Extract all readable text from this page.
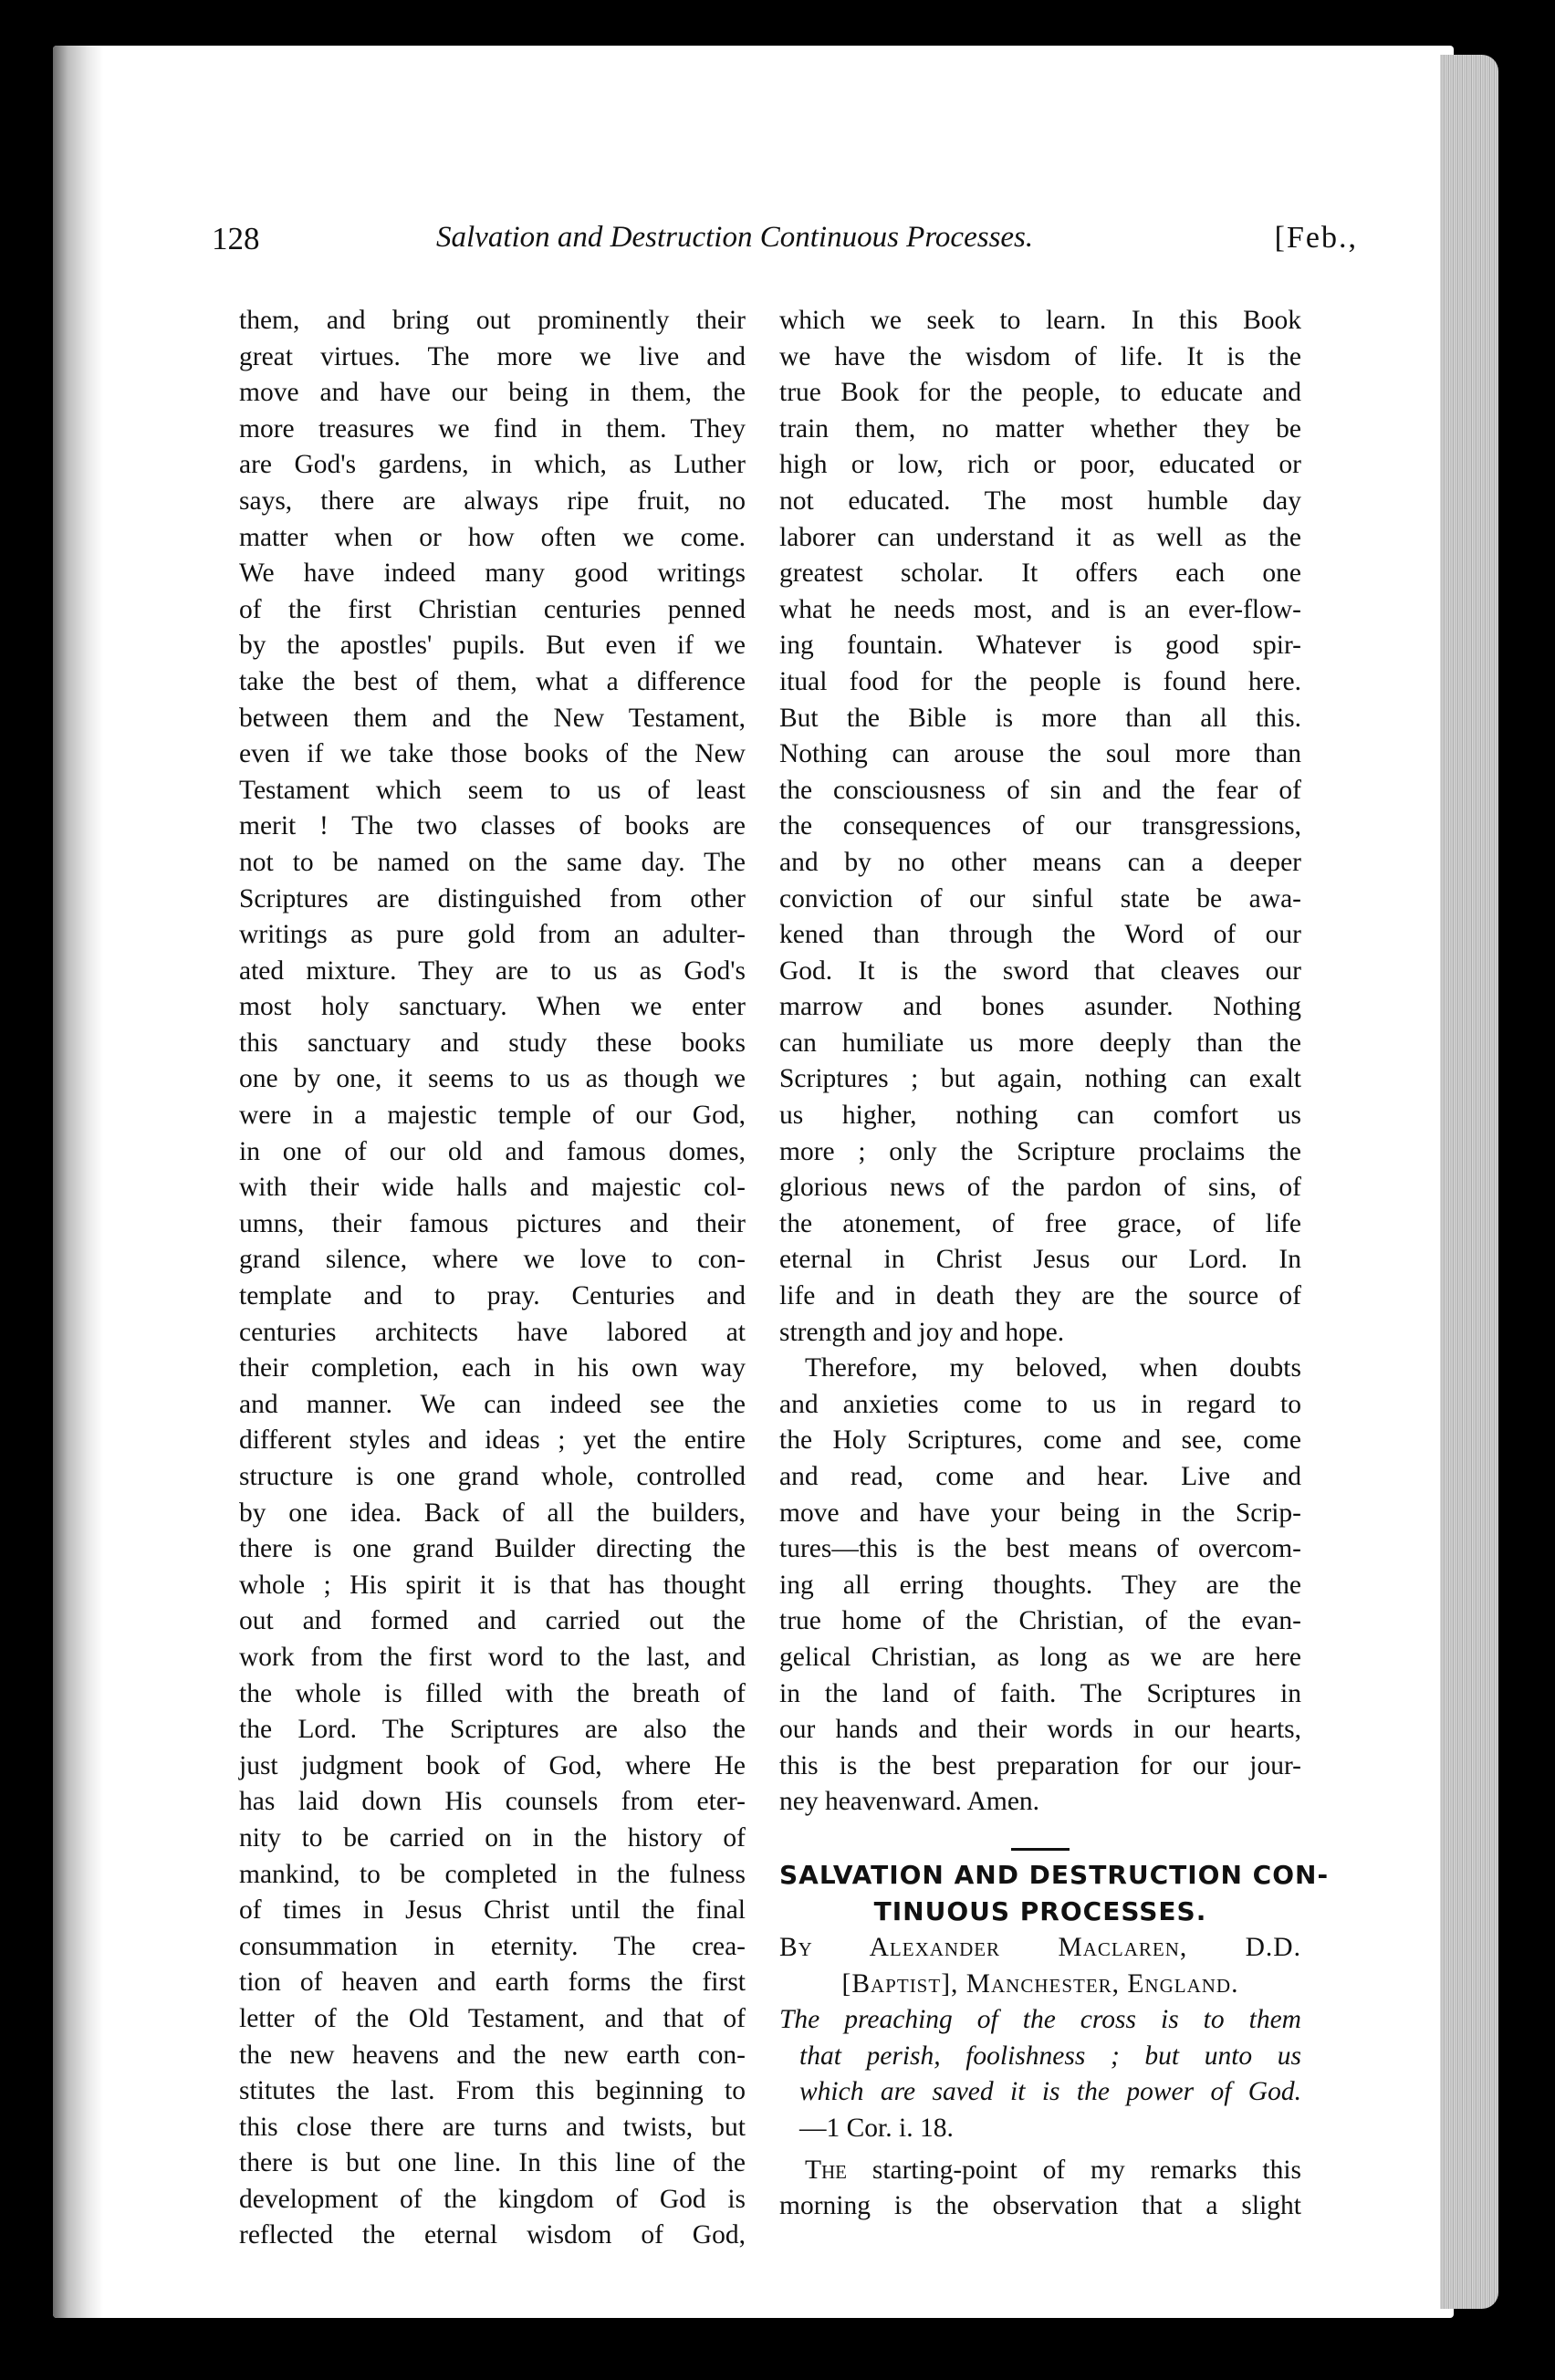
128	Salvation and Destruction Continuous Processes.	[Feb.,
them, and bring out prominently their
great virtues. The more we live and
move and have our being in them, the
more treasures we find in them. They
are God's gardens, in which, as Luther
says, there are always ripe fruit, no
matter when or how often we come.
We have indeed many good writings
of the first Christian centuries penned
by the apostles' pupils. But even if we
take the best of them, what a difference
between them and the New Testament,
even if we take those books of the New
Testament which seem to us of least
merit ! The two classes of books are
not to be named on the same day. The
Scriptures are distinguished from other
writings as pure gold from an adulter-
ated mixture. They are to us as God's
most holy sanctuary. When we enter
this sanctuary and study these books
one by one, it seems to us as though we
were in a majestic temple of our God,
in one of our old and famous domes,
with their wide halls and majestic col-
umns, their famous pictures and their
grand silence, where we love to con-
template and to pray. Centuries and
centuries architects have labored at
their completion, each in his own way
and manner. We can indeed see the
different styles and ideas ; yet the entire
structure is one grand whole, controlled
by one idea. Back of all the builders,
there is one grand Builder directing the
whole ; His spirit it is that has thought
out and formed and carried out the
work from the first word to the last, and
the whole is filled with the breath of
the Lord. The Scriptures are also the
just judgment book of God, where He
has laid down His counsels from eter-
nity to be carried on in the history of
mankind, to be completed in the fulness
of times in Jesus Christ until the final
consummation in eternity. The crea-
tion of heaven and earth forms the first
letter of the Old Testament, and that of
the new heavens and the new earth con-
stitutes the last. From this beginning to
this close there are turns and twists, but
there is but one line. In this line of the
development of the kingdom of God is
reflected the eternal wisdom of God,
which we seek to learn. In this Book
we have the wisdom of life. It is the
true Book for the people, to educate and
train them, no matter whether they be
high or low, rich or poor, educated or
not educated. The most humble day
laborer can understand it as well as the
greatest scholar. It offers each one
what he needs most, and is an ever-flow-
ing fountain. Whatever is good spir-
itual food for the people is found here.
But the Bible is more than all this.
Nothing can arouse the soul more than
the consciousness of sin and the fear of
the consequences of our transgressions,
and by no other means can a deeper
conviction of our sinful state be awa-
kened than through the Word of our
God. It is the sword that cleaves our
marrow and bones asunder. Nothing
can humiliate us more deeply than the
Scriptures ; but again, nothing can exalt
us higher, nothing can comfort us
more ; only the Scripture proclaims the
glorious news of the pardon of sins, of
the atonement, of free grace, of life
eternal in Christ Jesus our Lord. In
life and in death they are the source of
strength and joy and hope.
Therefore, my beloved, when doubts
and anxieties come to us in regard to
the Holy Scriptures, come and see, come
and read, come and hear. Live and
move and have your being in the Scrip-
tures—this is the best means of overcom-
ing all erring thoughts. They are the
true home of the Christian, of the evan-
gelical Christian, as long as we are here
in the land of faith. The Scriptures in
our hands and their words in our hearts,
this is the best preparation for our jour-
ney heavenward. Amen.
SALVATION AND DESTRUCTION CON-
TINUOUS PROCESSES.
By Alexander Maclaren, D.D.
[Baptist], Manchester, England.
The preaching of the cross is to them
that perish, foolishness ; but unto us
which are saved it is the power of God.
—1 Cor. i. 18.
The starting-point of my remarks this
morning is the observation that a slight
